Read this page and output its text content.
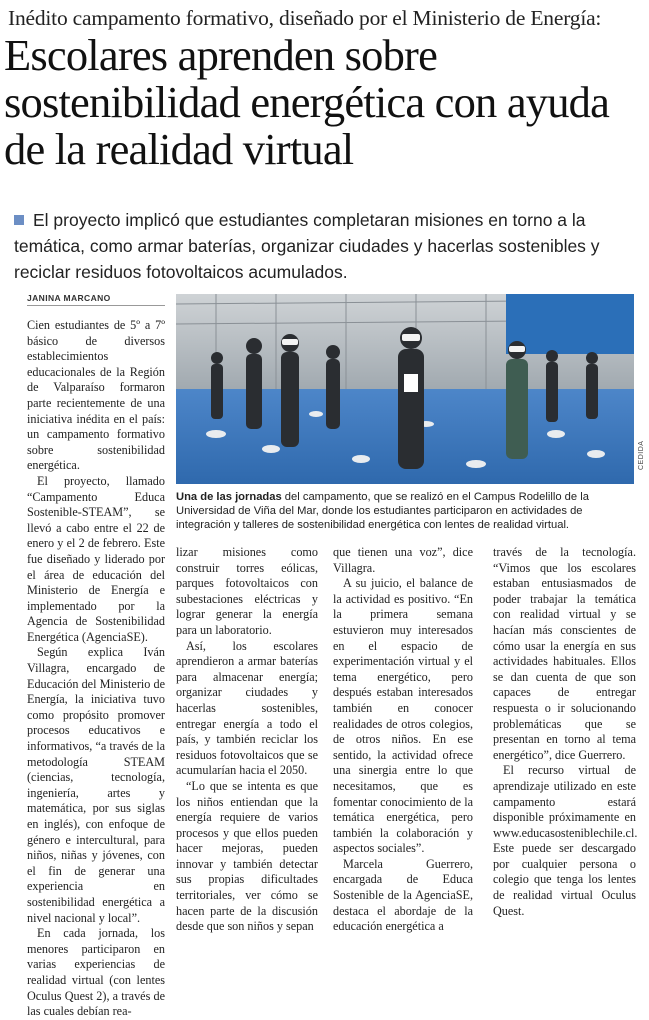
Inédito campamento formativo, diseñado por el Ministerio de Energía:
Escolares aprenden sobre sostenibilidad energética con ayuda de la realidad virtual
El proyecto implicó que estudiantes completaran misiones en torno a la temática, como armar baterías, organizar ciudades y hacerlas sostenibles y reciclar residuos fotovoltaicos acumulados.
JANINA MARCANO

Cien estudiantes de 5º a 7º básico de diversos establecimientos educacionales de la Región de Valparaíso formaron parte recientemente de una iniciativa inédita en el país: un campamento formativo sobre sostenibilidad energética.

El proyecto, llamado “Campamento Educa Sostenible-STEAM”, se llevó a cabo entre el 22 de enero y el 2 de febrero. Este fue diseñado y liderado por el área de educación del Ministerio de Energía e implementado por la Agencia de Sostenibilidad Energética (AgenciaSE).

Según explica Iván Villagra, encargado de Educación del Ministerio de Energía, la iniciativa tuvo como propósito promover procesos educativos e informativos, “a través de la metodología STEAM (ciencias, tecnología, ingeniería, artes y matemática, por sus siglas en inglés), con enfoque de género e intercultural, para niños, niñas y jóvenes, con el fin de generar una experiencia en sostenibilidad energética a nivel nacional y local”.

En cada jornada, los menores participaron en varias experiencias de realidad virtual (con lentes Oculus Quest 2), a través de las cuales debían rea-

CEDIDA
Una de las jornadas del campamento, que se realizó en el Campus Rodelillo de la Universidad de Viña del Mar, donde los estudiantes participaron en actividades de integración y talleres de sostenibilidad energética con lentes de realidad virtual.

lizar misiones como construir torres eólicas, parques fotovoltaicos con subestaciones eléctricas y lograr generar la energía para un laboratorio.

Así, los escolares aprendieron a armar baterías para almacenar energía; organizar ciudades y hacerlas sostenibles, entregar energía a todo el país, y también reciclar los residuos fotovoltaicos que se acumularían hacia el 2050.

“Lo que se intenta es que los niños entiendan que la energía requiere de varios procesos y que ellos pueden hacer mejoras, pueden innovar y también detectar sus propias dificultades territoriales, ver cómo se hacen parte de la discusión desde que son niños y sepan

que tienen una voz”, dice Villagra.

A su juicio, el balance de la actividad es positivo. “En la primera semana estuvieron muy interesados en el espacio de experimentación virtual y el tema energético, pero después estaban interesados también en conocer realidades de otros colegios, de otros niños. En ese sentido, la actividad ofrece una sinergia entre lo que necesitamos, que es fomentar conocimiento de la temática energética, pero también la colaboración y aspectos sociales”.

Marcela Guerrero, encargada de Educa Sostenible de la AgenciaSE, destaca el abordaje de la educación energética a

través de la tecnología. “Vimos que los escolares estaban entusiasmados de poder trabajar la temática con realidad virtual y se hacían más conscientes de cómo usar la energía en sus actividades habituales. Ellos se dan cuenta de que son capaces de entregar respuesta o ir solucionando problemáticas que se presentan en torno al tema energético”, dice Guerrero.

El recurso virtual de aprendizaje utilizado en este campamento estará disponible próximamente en www.educasosteniblechile.cl. Este puede ser descargado por cualquier persona o colegio que tenga los lentes de realidad virtual Oculus Quest.
